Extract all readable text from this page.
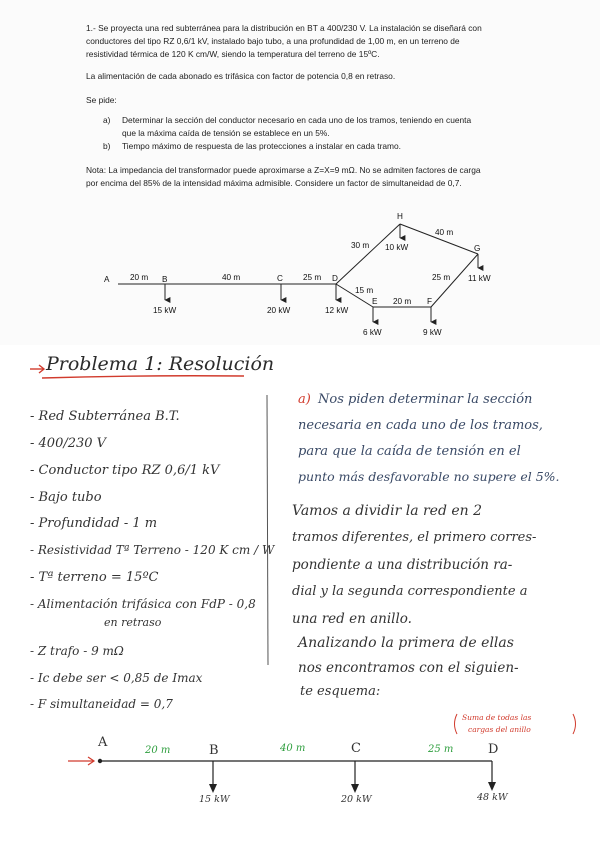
1.- Se proyecta una red subterránea para la distribución en BT a 400/230 V. La instalación se diseñará con

conductores del tipo RZ 0,6/1 kV, instalado bajo tubo, a una profundidad de 1,00 m, en un terreno de

resistividad térmica de 120 K cm/W, siendo la temperatura del terreno de 15ºC.

La alimentación de cada abonado es trifásica con factor de potencia 0,8 en retraso.
Se pide:
a) Determinar la sección del conductor necesario en cada uno de los tramos, teniendo en cuenta

que la máxima caída de tensión se establece en un 5%.

b) Tiempo máximo de respuesta de las protecciones a instalar en cada tramo.

Nota: La impedancia del transformador puede aproximarse a Z=X=9 mΩ. No se admiten factores de carga

por encima del 85% de la intensidad máxima admisible. Considere un factor de simultaneidad de 0,7.

A	B	C	D
E	F
G
H
20 m	40 m	25 m
30 m
40 m
25 m
15 m
20 m
15 kW	20 kW	12 kW
6 kW	9 kW
11 kW
10 kW
Problema 1: Resolución
- Red Subterránea B.T.
- 400/230 V
- Conductor tipo RZ 0,6/1 kV
- Bajo tubo
- Profundidad - 1 m
- Resistividad Tª Terreno - 120 K cm / W
- Tª terreno = 15ºC
- Alimentación trifásica con FdP - 0,8
en retraso
- Z trafo - 9 mΩ
- Ic debe ser < 0,85 de Imax
- F simultaneidad = 0,7
a) Nos piden determinar la sección
necesaria en cada uno de los tramos,
para que la caída de tensión en el
punto más desfavorable no supere el 5%.
Vamos a dividir la red en 2
tramos diferentes, el primero corres-
pondiente a una distribución ra-
dial y la segunda correspondiente a
una red en anillo.
Analizando la primera de ellas
nos encontramos con el siguien-
te esquema:
Suma de todas las
cargas del anillo
A
B	C	D
20 m	40 m	25 m
15 kW	20 kW	48 kW
